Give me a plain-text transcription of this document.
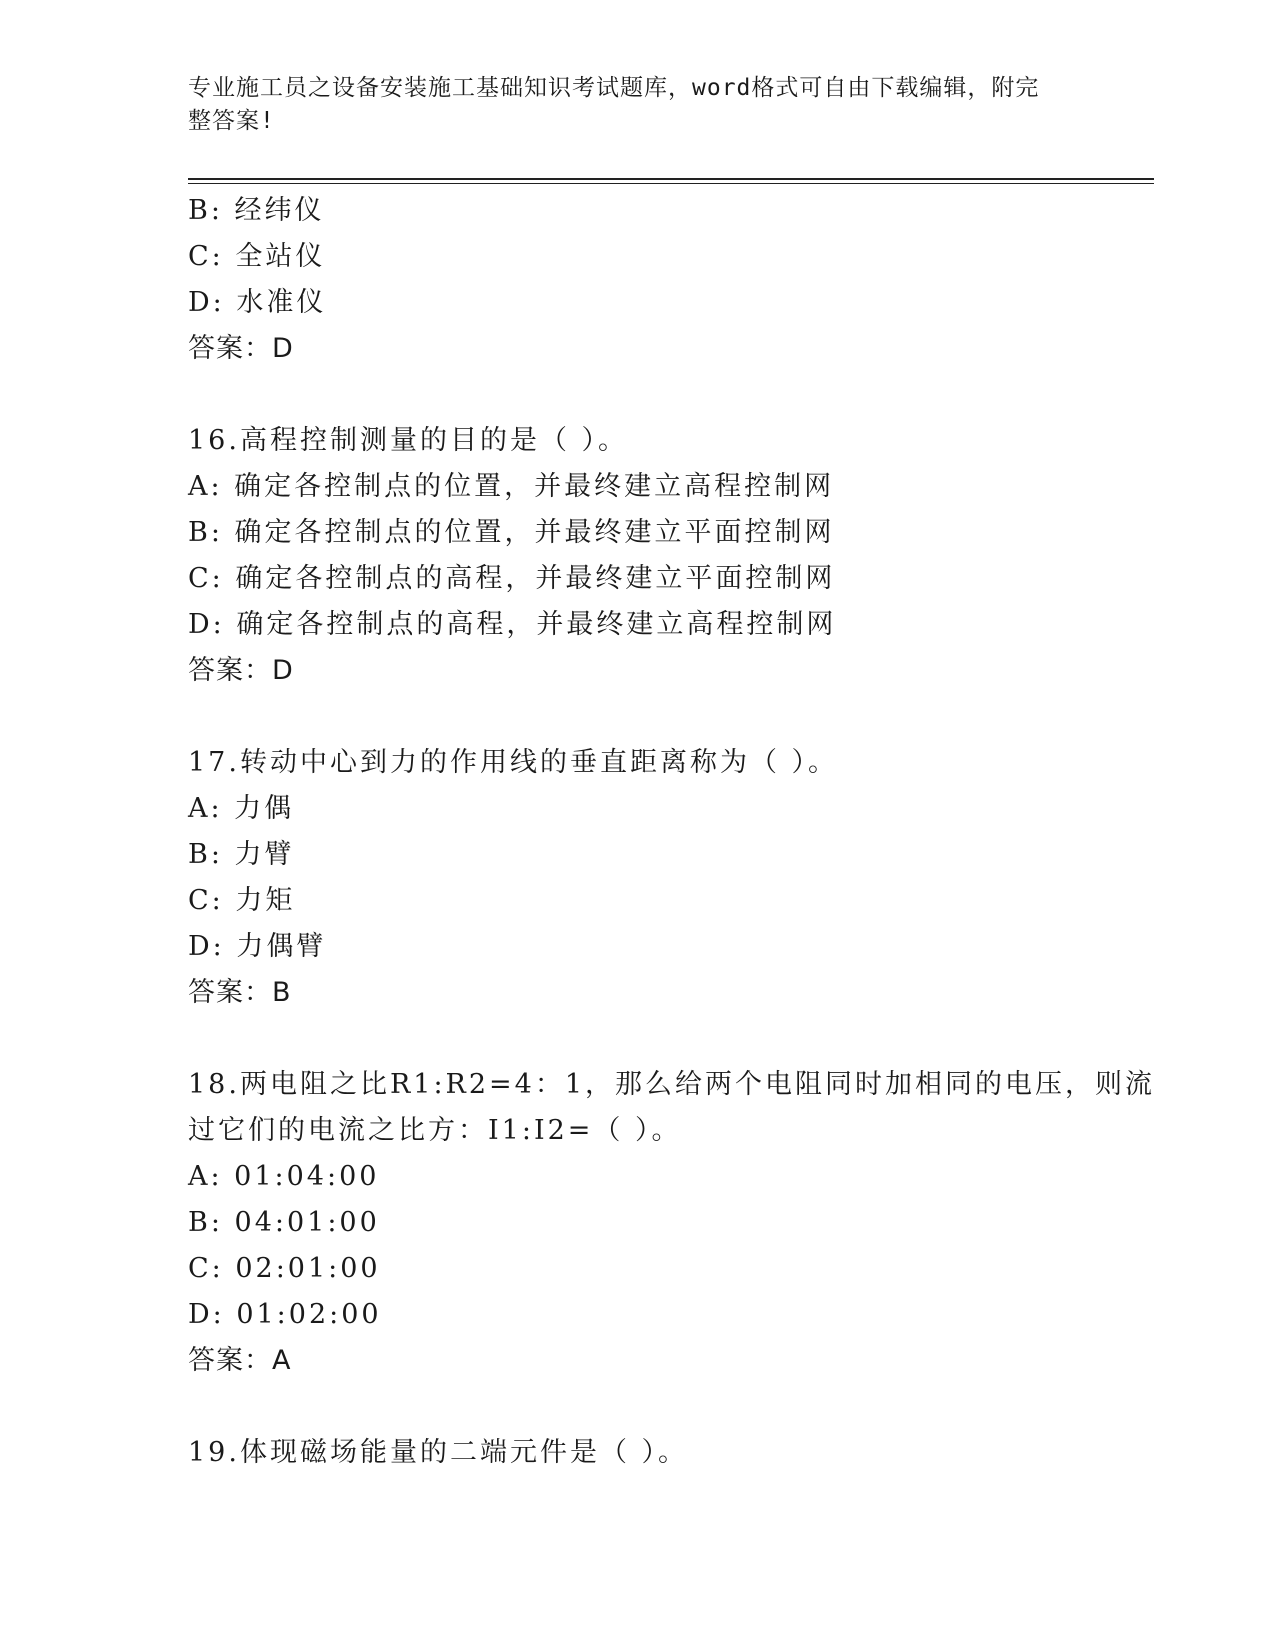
专业施工员之设备安装施工基础知识考试题库，word格式可自由下载编辑，附完
整答案!
B: 经纬仪
C: 全站仪
D: 水准仪
答案：D
16.高程控制测量的目的是（ ）。
A: 确定各控制点的位置，并最终建立高程控制网
B: 确定各控制点的位置，并最终建立平面控制网
C: 确定各控制点的高程，并最终建立平面控制网
D: 确定各控制点的高程，并最终建立高程控制网
答案：D
17.转动中心到力的作用线的垂直距离称为（ ）。
A: 力偶
B: 力臂
C: 力矩
D: 力偶臂
答案：B
18.两电阻之比R1:R2=4：1，那么给两个电阻同时加相同的电压，则流
过它们的电流之比方：I1:I2=（ ）。
A: 01:04:00
B: 04:01:00
C: 02:01:00
D: 01:02:00
答案：A
19.体现磁场能量的二端元件是（ ）。
